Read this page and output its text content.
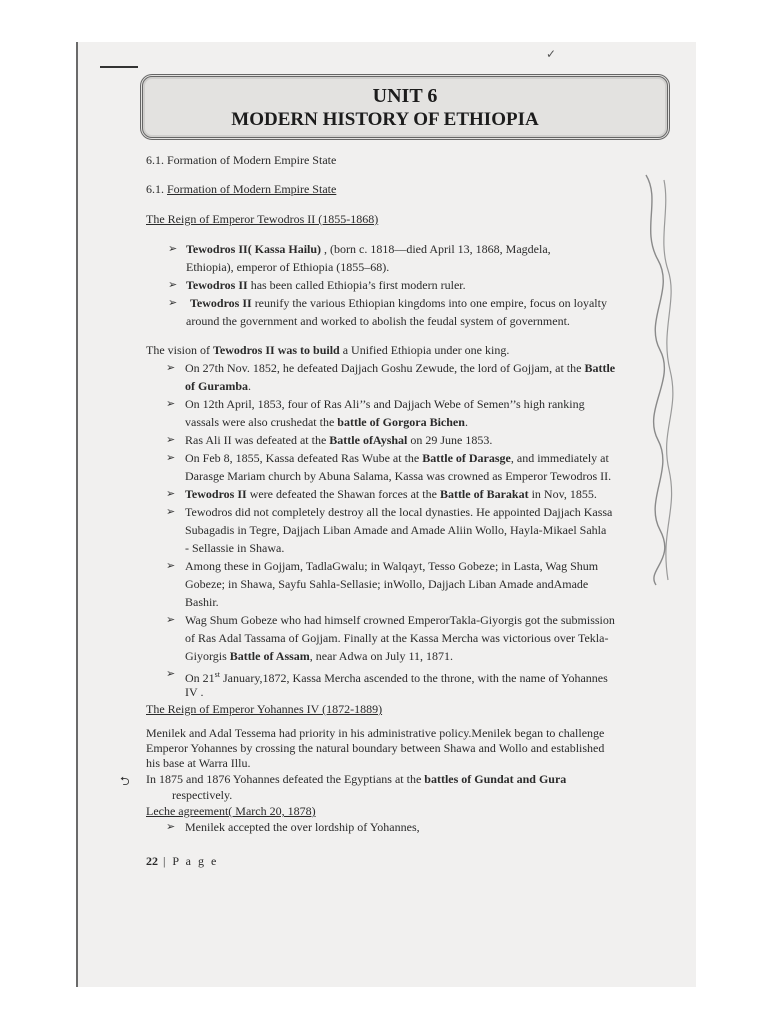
✓
UNIT 6
MODERN HISTORY OF ETHIOPIA
6.1. Formation of Modern Empire State
6.1. Formation of Modern Empire State
The Reign of Emperor Tewodros II (1855-1868)
➢ Tewodros II( Kassa Hailu) , (born c. 1818—died April 13, 1868, Magdela,
Ethiopia), emperor of Ethiopia (1855–68).
➢ Tewodros II has been called Ethiopia’s first modern ruler.
➢ Tewodros II reunify the various Ethiopian kingdoms into one empire, focus on loyalty
around the government and worked to abolish the feudal system of government.
The vision of Tewodros II was to build a Unified Ethiopia under one king.
➢ On 27th Nov. 1852, he defeated Dajjach Goshu Zewude, the lord of Gojjam, at the Battle
of Guramba.
➢ On 12th April, 1853, four of Ras Ali’’s and Dajjach Webe of Semen’’s high ranking
vassals were also crushedat the battle of Gorgora Bichen.
➢ Ras Ali II was defeated at the Battle ofAyshal on 29 June 1853.
➢ On Feb 8, 1855, Kassa defeated Ras Wube at the Battle of Darasge, and immediately at
Darasge Mariam church by Abuna Salama, Kassa was crowned as Emperor Tewodros II.
➢ Tewodros II were defeated the Shawan forces at the Battle of Barakat in Nov, 1855.
➢ Tewodros did not completely destroy all the local dynasties. He appointed Dajjach Kassa
Subagadis in Tegre, Dajjach Liban Amade and Amade Aliin Wollo, Hayla-Mikael Sahla
- Sellassie in Shawa.
➢ Among these in Gojjam, TadlaGwalu; in Walqayt, Tesso Gobeze; in Lasta, Wag Shum
Gobeze; in Shawa, Sayfu Sahla-Sellasie; inWollo, Dajjach Liban Amade andAmade
Bashir.
➢ Wag Shum Gobeze who had himself crowned EmperorTakla-Giyorgis got the submission
of Ras Adal Tassama of Gojjam. Finally at the Kassa Mercha was victorious over Tekla-
Giyorgis Battle of Assam, near Adwa on July 11, 1871.
➢ On 21st January,1872, Kassa Mercha ascended to the throne, with the name of Yohannes
IV .
The Reign of Emperor Yohannes IV (1872-1889)
Menilek and Adal Tessema had priority in his administrative policy.Menilek began to challenge
Emperor Yohannes by crossing the natural boundary between Shawa and Wollo and established
his base at Warra Illu.
⮌ In 1875 and 1876 Yohannes defeated the Egyptians at the battles of Gundat and Gura
respectively.
Leche agreement( March 20, 1878)
➢ Menilek accepted the over lordship of Yohannes,
22 | P a g e
